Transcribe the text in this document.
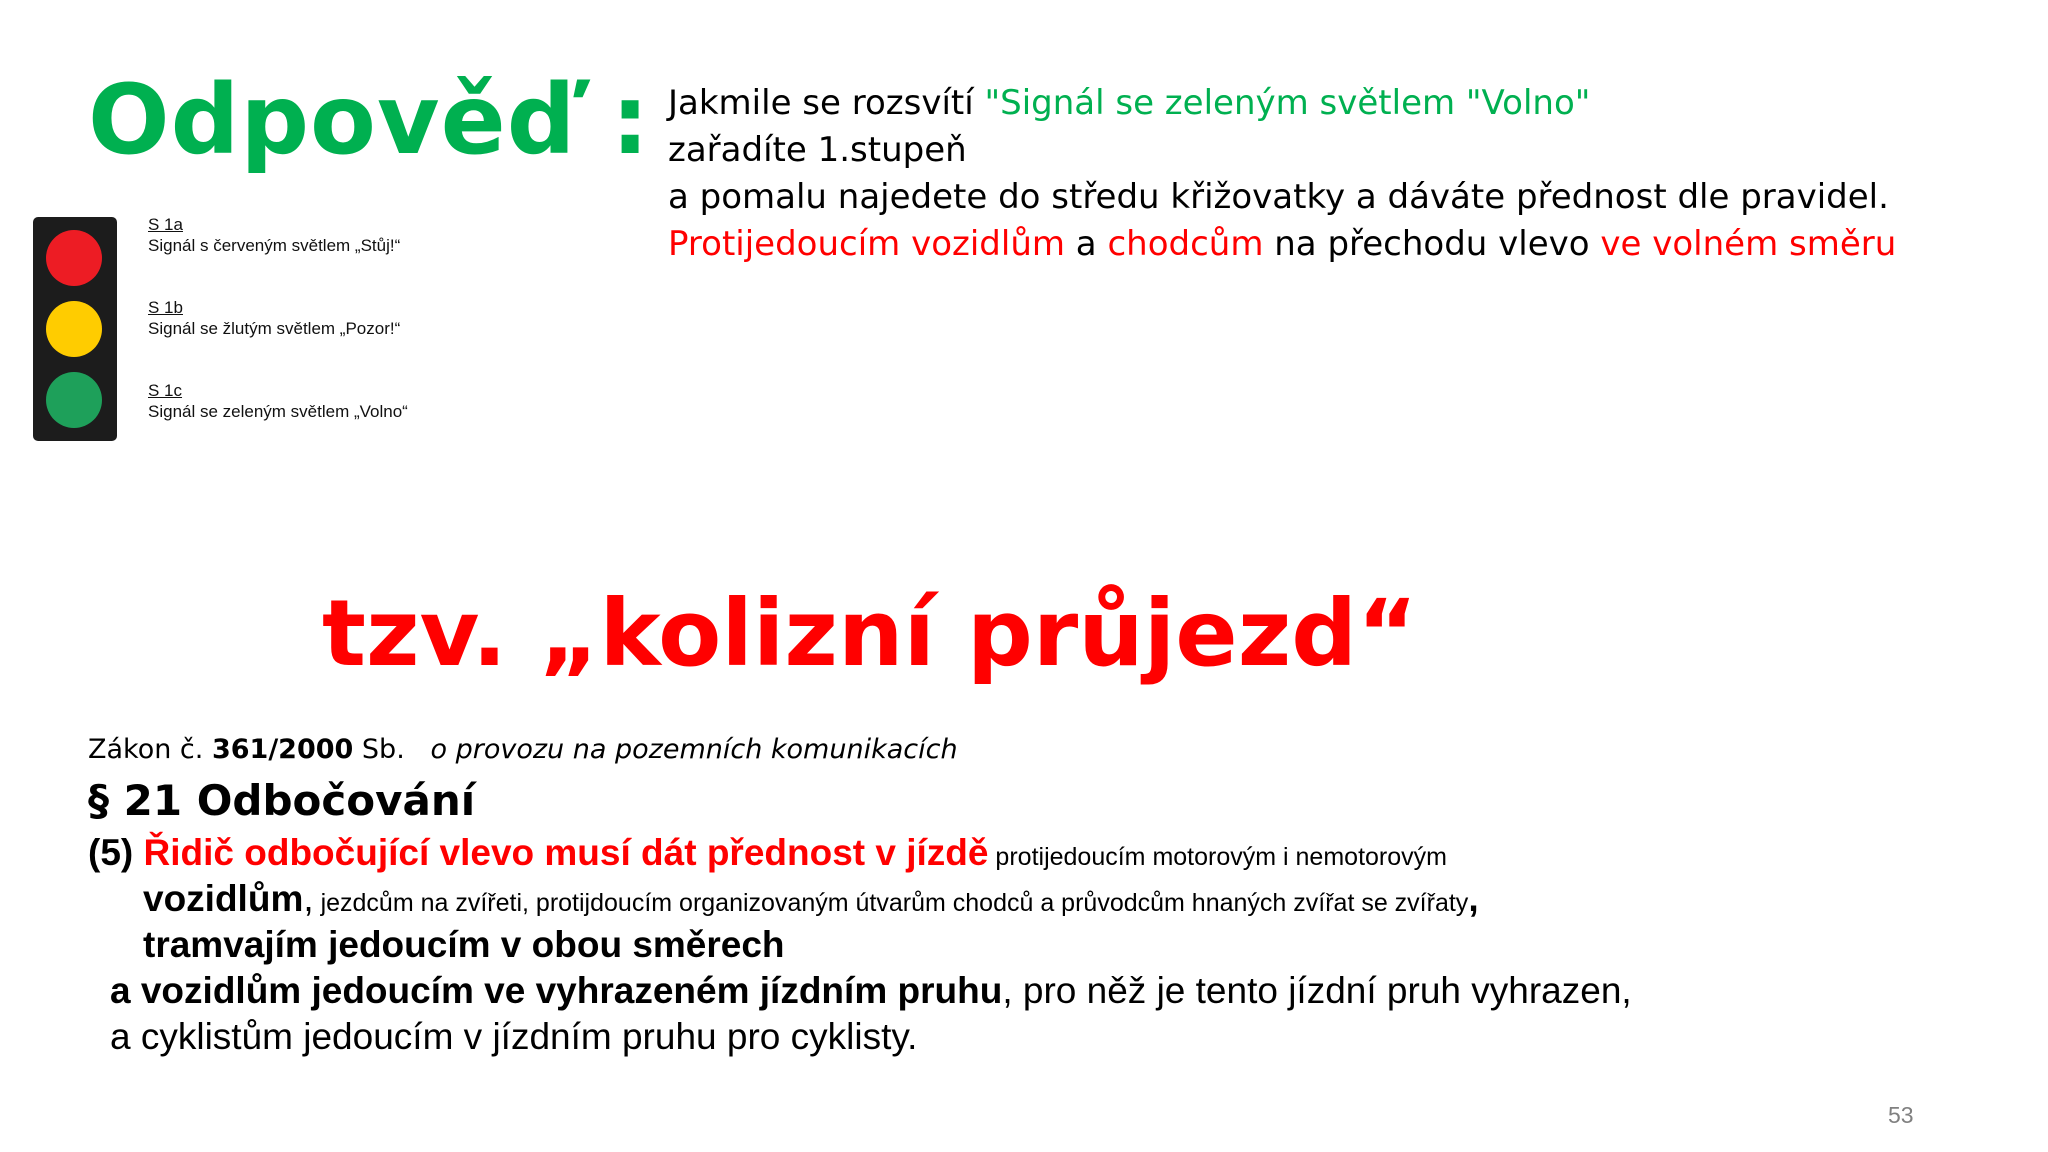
Odpověď : Jakmile se rozsvítí "Signál se zeleným světlem "Volno"
zařadíte 1.stupeň
a pomalu najedete do středu křižovatky a dáváte přednost dle pravidel.
Protijedoucím vozidlům a chodcům na přechodu vlevo ve volném směru
S 1a
Signál s červeným světlem „Stůj!“
S 1b
Signál se žlutým světlem „Pozor!“
S 1c
Signál se zeleným světlem „Volno“
tzv. „kolizní průjezd“
Zákon č. 361/2000 Sb. o provozu na pozemních komunikacích
§ 21 Odbočování
(5) Řidič odbočující vlevo musí dát přednost v jízdě protijedoucím motorovým i nemotorovým
vozidlům, jezdcům na zvířeti, protijdoucím organizovaným útvarům chodců a průvodcům hnaných zvířat se zvířaty,
tramvajím jedoucím v obou směrech
a vozidlům jedoucím ve vyhrazeném jízdním pruhu, pro něž je tento jízdní pruh vyhrazen,
a cyklistům jedoucím v jízdním pruhu pro cyklisty.
53
